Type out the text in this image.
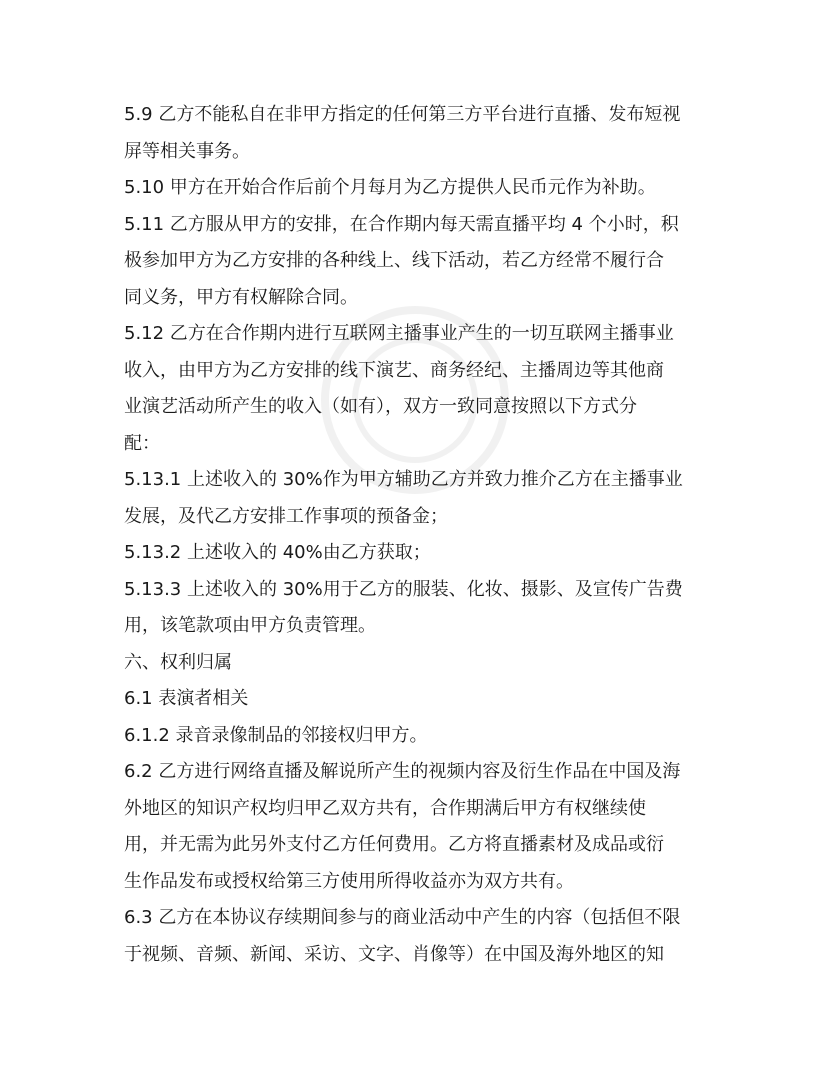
5.9 乙方不能私自在非甲方指定的任何第三方平台进行直播、发布短视
屏等相关事务。
5.10 甲方在开始合作后前个月每月为乙方提供人民币元作为补助。
5.11 乙方服从甲方的安排，在合作期内每天需直播平均 4 个小时，积
极参加甲方为乙方安排的各种线上、线下活动，若乙方经常不履行合
同义务，甲方有权解除合同。
5.12 乙方在合作期内进行互联网主播事业产生的一切互联网主播事业
收入，由甲方为乙方安排的线下演艺、商务经纪、主播周边等其他商
业演艺活动所产生的收入（如有），双方一致同意按照以下方式分
配：
5.13.1 上述收入的 30%作为甲方辅助乙方并致力推介乙方在主播事业
发展，及代乙方安排工作事项的预备金；
5.13.2 上述收入的 40%由乙方获取；
5.13.3 上述收入的 30%用于乙方的服装、化妆、摄影、及宣传广告费
用，该笔款项由甲方负责管理。
六、权利归属
6.1 表演者相关
6.1.2 录音录像制品的邻接权归甲方。
6.2 乙方进行网络直播及解说所产生的视频内容及衍生作品在中国及海
外地区的知识产权均归甲乙双方共有，合作期满后甲方有权继续使
用，并无需为此另外支付乙方任何费用。乙方将直播素材及成品或衍
生作品发布或授权给第三方使用所得收益亦为双方共有。
6.3 乙方在本协议存续期间参与的商业活动中产生的内容（包括但不限
于视频、音频、新闻、采访、文字、肖像等）在中国及海外地区的知
